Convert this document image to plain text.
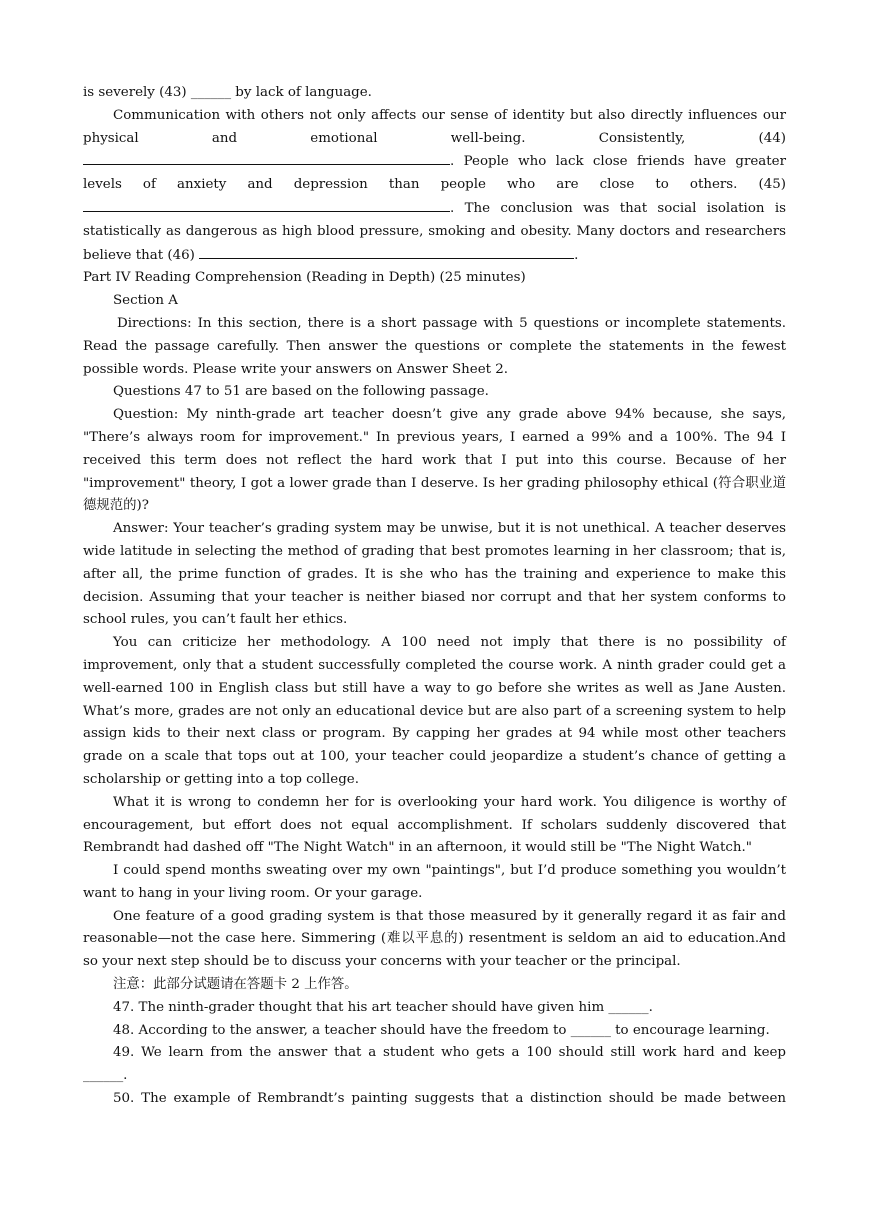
is severely (43) ______ by lack of language.

Communication with others not only affects our sense of identity but also directly influences our physical and emotional well-being. Consistently, (44) . People who lack close friends have greater levels of anxiety and depression than people who are close to others. (45) . The conclusion was that social isolation is statistically as dangerous as high blood pressure, smoking and obesity. Many doctors and researchers believe that (46)	.

Part IV Reading Comprehension (Reading in Depth) (25 minutes)

Section A

Directions: In this section, there is a short passage with 5 questions or incomplete statements. Read the passage carefully. Then answer the questions or complete the statements in the fewest possible words. Please write your answers on Answer Sheet 2.

Questions 47 to 51 are based on the following passage.

Question: My ninth-grade art teacher doesn’t give any grade above 94% because, she says, "There’s always room for improvement." In previous years, I earned a 99% and a 100%. The 94 I received this term does not reflect the hard work that I put into this course. Because of her "improvement" theory, I got a lower grade than I deserve. Is her grading philosophy ethical (符合职业道德规范的)?

Answer: Your teacher’s grading system may be unwise, but it is not unethical. A teacher deserves wide latitude in selecting the method of grading that best promotes learning in her classroom; that is, after all, the prime function of grades. It is she who has the training and experience to make this decision. Assuming that your teacher is neither biased nor corrupt and that her system conforms to school rules, you can’t fault her ethics.

You can criticize her methodology. A 100 need not imply that there is no possibility of improvement, only that a student successfully completed the course work. A ninth grader could get a well-earned 100 in English class but still have a way to go before she writes as well as Jane Austen. What’s more, grades are not only an educational device but are also part of a screening system to help assign kids to their next class or program. By capping her grades at 94 while most other teachers grade on a scale that tops out at 100, your teacher could jeopardize a student’s chance of getting a scholarship or getting into a top college.

What it is wrong to condemn her for is overlooking your hard work. You diligence is worthy of encouragement, but effort does not equal accomplishment. If scholars suddenly discovered that Rembrandt had dashed off "The Night Watch" in an afternoon, it would still be "The Night Watch."

I could spend months sweating over my own "paintings", but I’d produce something you wouldn’t want to hang in your living room. Or your garage.

One feature of a good grading system is that those measured by it generally regard it as fair and reasonable—not the case here. Simmering (难以平息的) resentment is seldom an aid to education.And so your next step should be to discuss your concerns with your teacher or the principal.

注意：此部分试题请在答题卡 2 上作答。

47. The ninth-grader thought that his art teacher should have given him ______.

48. According to the answer, a teacher should have the freedom to ______ to encourage learning.

49. We learn from the answer that a student who gets a 100 should still work hard and keep ______.

50. The example of Rembrandt’s painting suggests that a distinction should be made between
